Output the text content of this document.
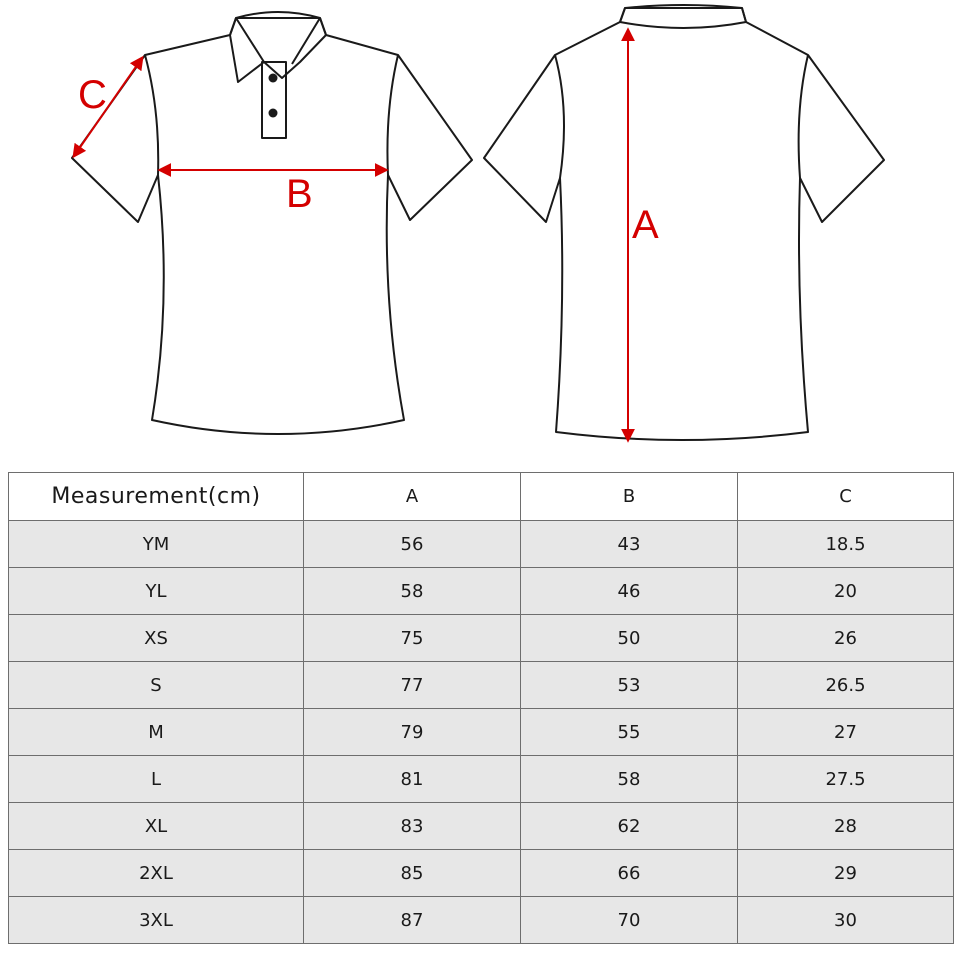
C
B
A
Measurement(cm)	A	B	C
YM	56	43	18.5
YL	58	46	20
XS	75	50	26
S	77	53	26.5
M	79	55	27
L	81	58	27.5
XL	83	62	28
2XL	85	66	29
3XL	87	70	30
